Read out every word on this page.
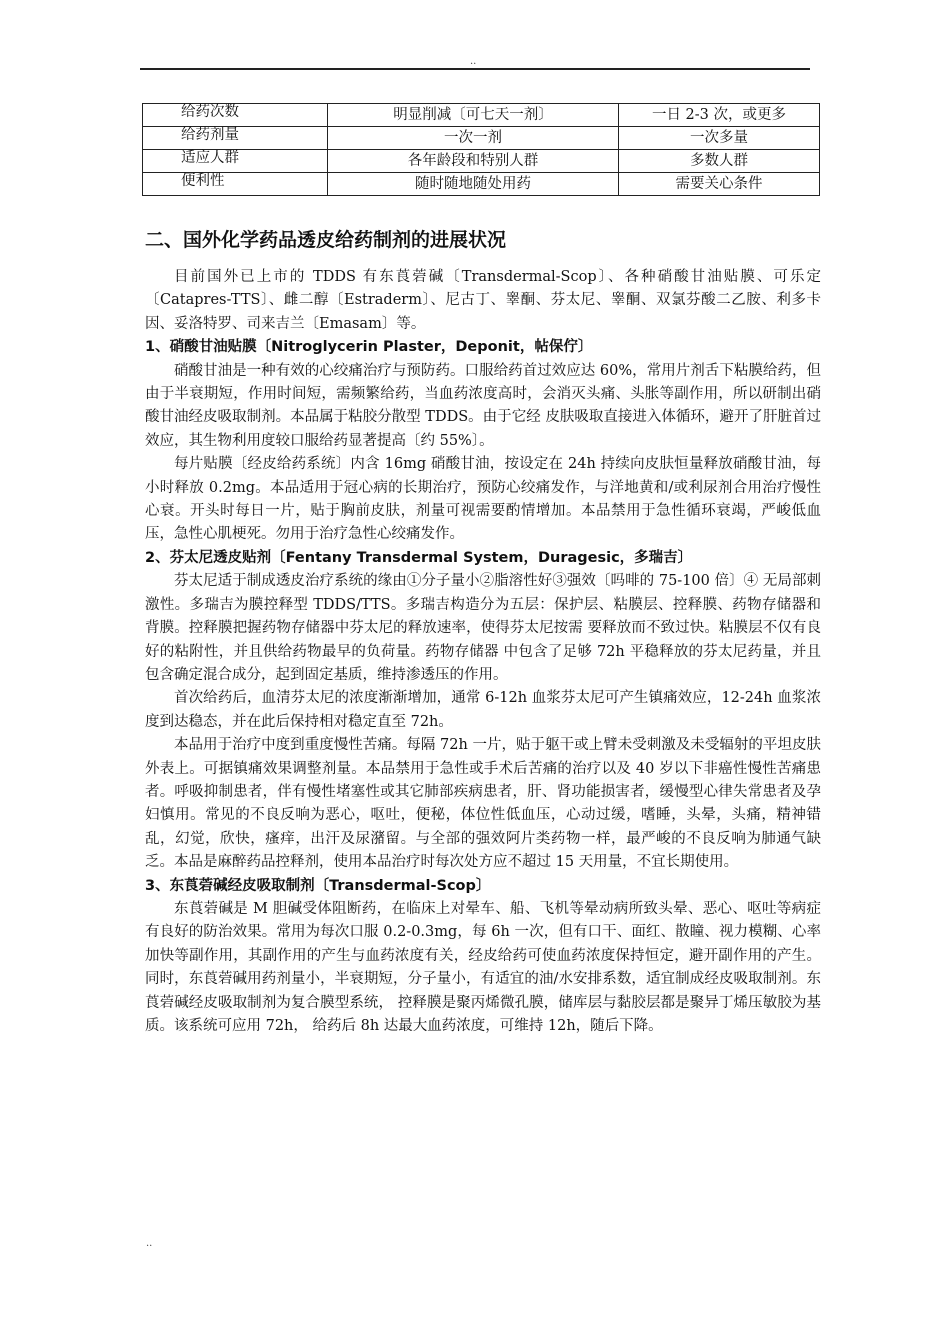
..
给药次数	明显削减〔可七天一剂〕	一日 2-3 次，或更多
给药剂量	一次一剂	一次多量
适应人群	各年龄段和特别人群	多数人群
便利性	随时随地随处用药	需要关心条件
二、国外化学药品透皮给药制剂的进展状况

目前国外已上市的 TDDS 有东莨菪碱〔Transdermal-Scop〕、各种硝酸甘油贴膜、可乐定〔Catapres-TTS〕、雌二醇〔Estraderm〕、尼古丁、睾酮、芬太尼、睾酮、双氯芬酸二乙胺、利多卡因、妥洛特罗、司来吉兰〔Emasam〕等。

1、硝酸甘油贴膜〔Nitroglycerin Plaster，Deponit，帖保佇〕

硝酸甘油是一种有效的心绞痛治疗与预防药。口服给药首过效应达 60%，常用片剂舌下粘膜给药，但由于半衰期短，作用时间短，需频繁给药，当血药浓度高时，会消灭头痛、头胀等副作用，所以研制出硝酸甘油经皮吸取制剂。本品属于粘胶分散型 TDDS。由于它经 皮肤吸取直接进入体循环，避开了肝脏首过效应，其生物利用度较口服给药显著提高〔约 55%〕。

每片贴膜〔经皮给药系统〕内含 16mg 硝酸甘油，按设定在 24h 持续向皮肤恒量释放硝酸甘油，每小时释放 0.2mg。本品适用于冠心病的长期治疗，预防心绞痛发作，与洋地黄和/或利尿剂合用治疗慢性心衰。开头时每日一片，贴于胸前皮肤，剂量可视需要酌情增加。本品禁用于急性循环衰竭，严峻低血压，急性心肌梗死。勿用于治疗急性心绞痛发作。

2、芬太尼透皮贴剂〔Fentany Transdermal System，Duragesic，多瑞吉〕

芬太尼适于制成透皮治疗系统的缘由①分子量小②脂溶性好③强效〔吗啡的 75-100 倍〕④ 无局部刺激性。多瑞吉为膜控释型 TDDS/TTS。多瑞吉构造分为五层：保护层、粘膜层、控释膜、药物存储器和背膜。控释膜把握药物存储器中芬太尼的释放速率，使得芬太尼按需 要释放而不致过快。粘膜层不仅有良好的粘附性，并且供给药物最早的负荷量。药物存储器 中包含了足够 72h 平稳释放的芬太尼药量，并且包含确定混合成分，起到固定基质，维持渗透压的作用。

首次给药后，血清芬太尼的浓度渐渐增加，通常 6-12h 血浆芬太尼可产生镇痛效应，12-24h 血浆浓度到达稳态，并在此后保持相对稳定直至 72h。

本品用于治疗中度到重度慢性苦痛。每隔 72h 一片，贴于躯干或上臂未受刺激及未受辐射的平坦皮肤外表上。可据镇痛效果调整剂量。本品禁用于急性或手术后苦痛的治疗以及 40 岁以下非癌性慢性苦痛患者。呼吸抑制患者，伴有慢性堵塞性或其它肺部疾病患者，肝、肾功能损害者，缓慢型心律失常患者及孕妇慎用。常见的不良反响为恶心，呕吐，便秘，体位性低血压，心动过缓，嗜睡，头晕，头痛，精神错乱，幻觉，欣快，瘙痒，出汗及尿潴留。与全部的强效阿片类药物一样，最严峻的不良反响为肺通气缺乏。本品是麻醉药品控释剂，使用本品治疗时每次处方应不超过 15 天用量，不宜长期使用。

3、东莨菪碱经皮吸取制剂〔Transdermal-Scop〕

东莨菪碱是 M 胆碱受体阻断药，在临床上对晕车、船、飞机等晕动病所致头晕、恶心、呕吐等病症有良好的防治效果。常用为每次口服 0.2-0.3mg，每 6h 一次，但有口干、面红、散瞳、视力模糊、心率加快等副作用，其副作用的产生与血药浓度有关，经皮给药可使血药浓度保持恒定，避开副作用的产生。同时，东莨菪碱用药剂量小，半衰期短，分子量小，有适宜的油/水安排系数，适宜制成经皮吸取制剂。东莨菪碱经皮吸取制剂为复合膜型系统， 控释膜是聚丙烯微孔膜，储库层与黏胶层都是聚异丁烯压敏胶为基质。该系统可应用 72h， 给药后 8h 达最大血药浓度，可维持 12h，随后下降。

..
